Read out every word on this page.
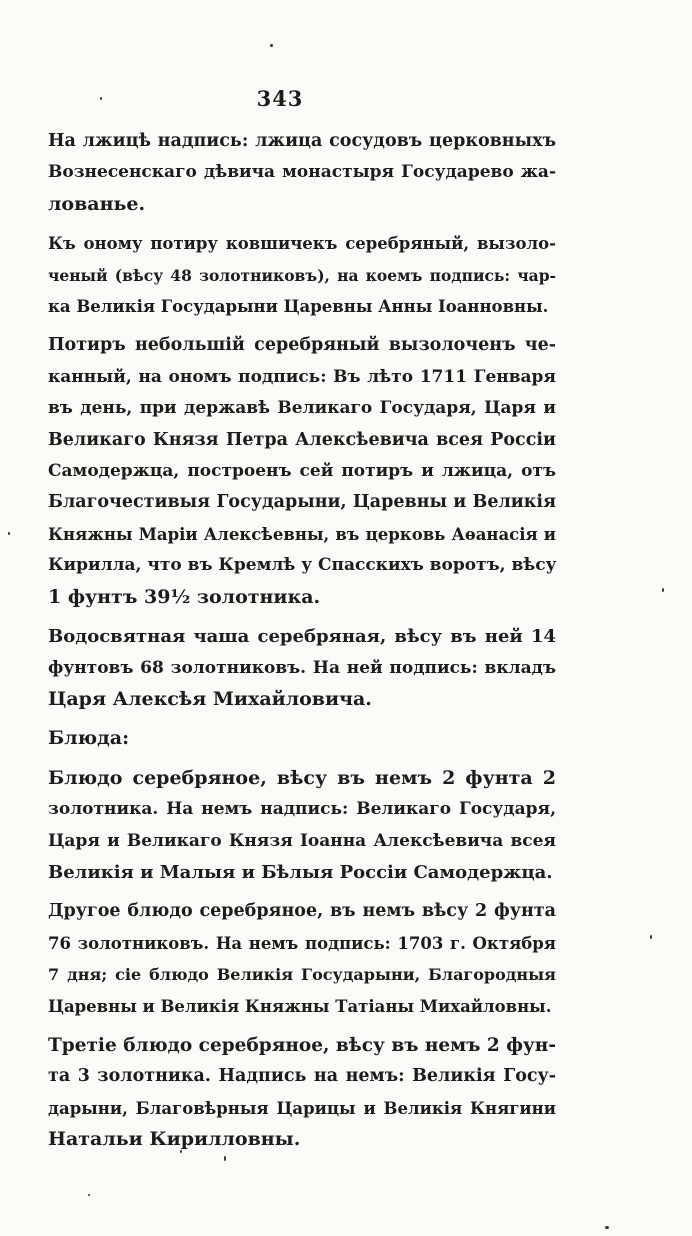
343

На лжицѣ надпись: лжица сосудовъ церковныхъ
Вознесенскаго дѣвича монастыря Государево жа-
лованье.

Къ оному потиру ковшичекъ серебряный, вызоло-
ченый (вѣсу 48 золотниковъ), на коемъ подпись: чар-
ка Великія Государыни Царевны Анны Іоанновны.

Потиръ небольшій серебряный вызолоченъ че-
канный, на ономъ подпись: Въ лѣто 1711 Генваря
въ день, при державѣ Великаго Государя, Царя и
Великаго Князя Петра Алексѣевича всея Россіи
Самодержца, построенъ сей потиръ и лжица, отъ
Благочестивыя Государыни, Царевны и Великія
Княжны Маріи Алексѣевны, въ церковь Аѳанасія и
Кирилла, что въ Кремлѣ у Спасскихъ воротъ, вѣсу
1 фунтъ 39½ золотника.

Водосвятная чаша серебряная, вѣсу въ ней 14
фунтовъ 68 золотниковъ. На ней подпись: вкладъ
Царя Алексѣя Михайловича.

Блюда:

Блюдо серебряное, вѣсу въ немъ 2 фунта 2
золотника. На немъ надпись: Великаго Государя,
Царя и Великаго Князя Іоанна Алексѣевича всея
Великія и Малыя и Бѣлыя Россіи Самодержца.

Другое блюдо серебряное, въ немъ вѣсу 2 фунта
76 золотниковъ. На немъ подпись: 1703 г. Октября
7 дня; сіе блюдо Великія Государыни, Благородныя
Царевны и Великія Княжны Татіаны Михайловны.

Третіе блюдо серебряное, вѣсу въ немъ 2 фун-
та 3 золотника. Надпись на немъ: Великія Госу-
дарыни, Благовѣрныя Царицы и Великія Княгини
Натальи Кирилловны.
